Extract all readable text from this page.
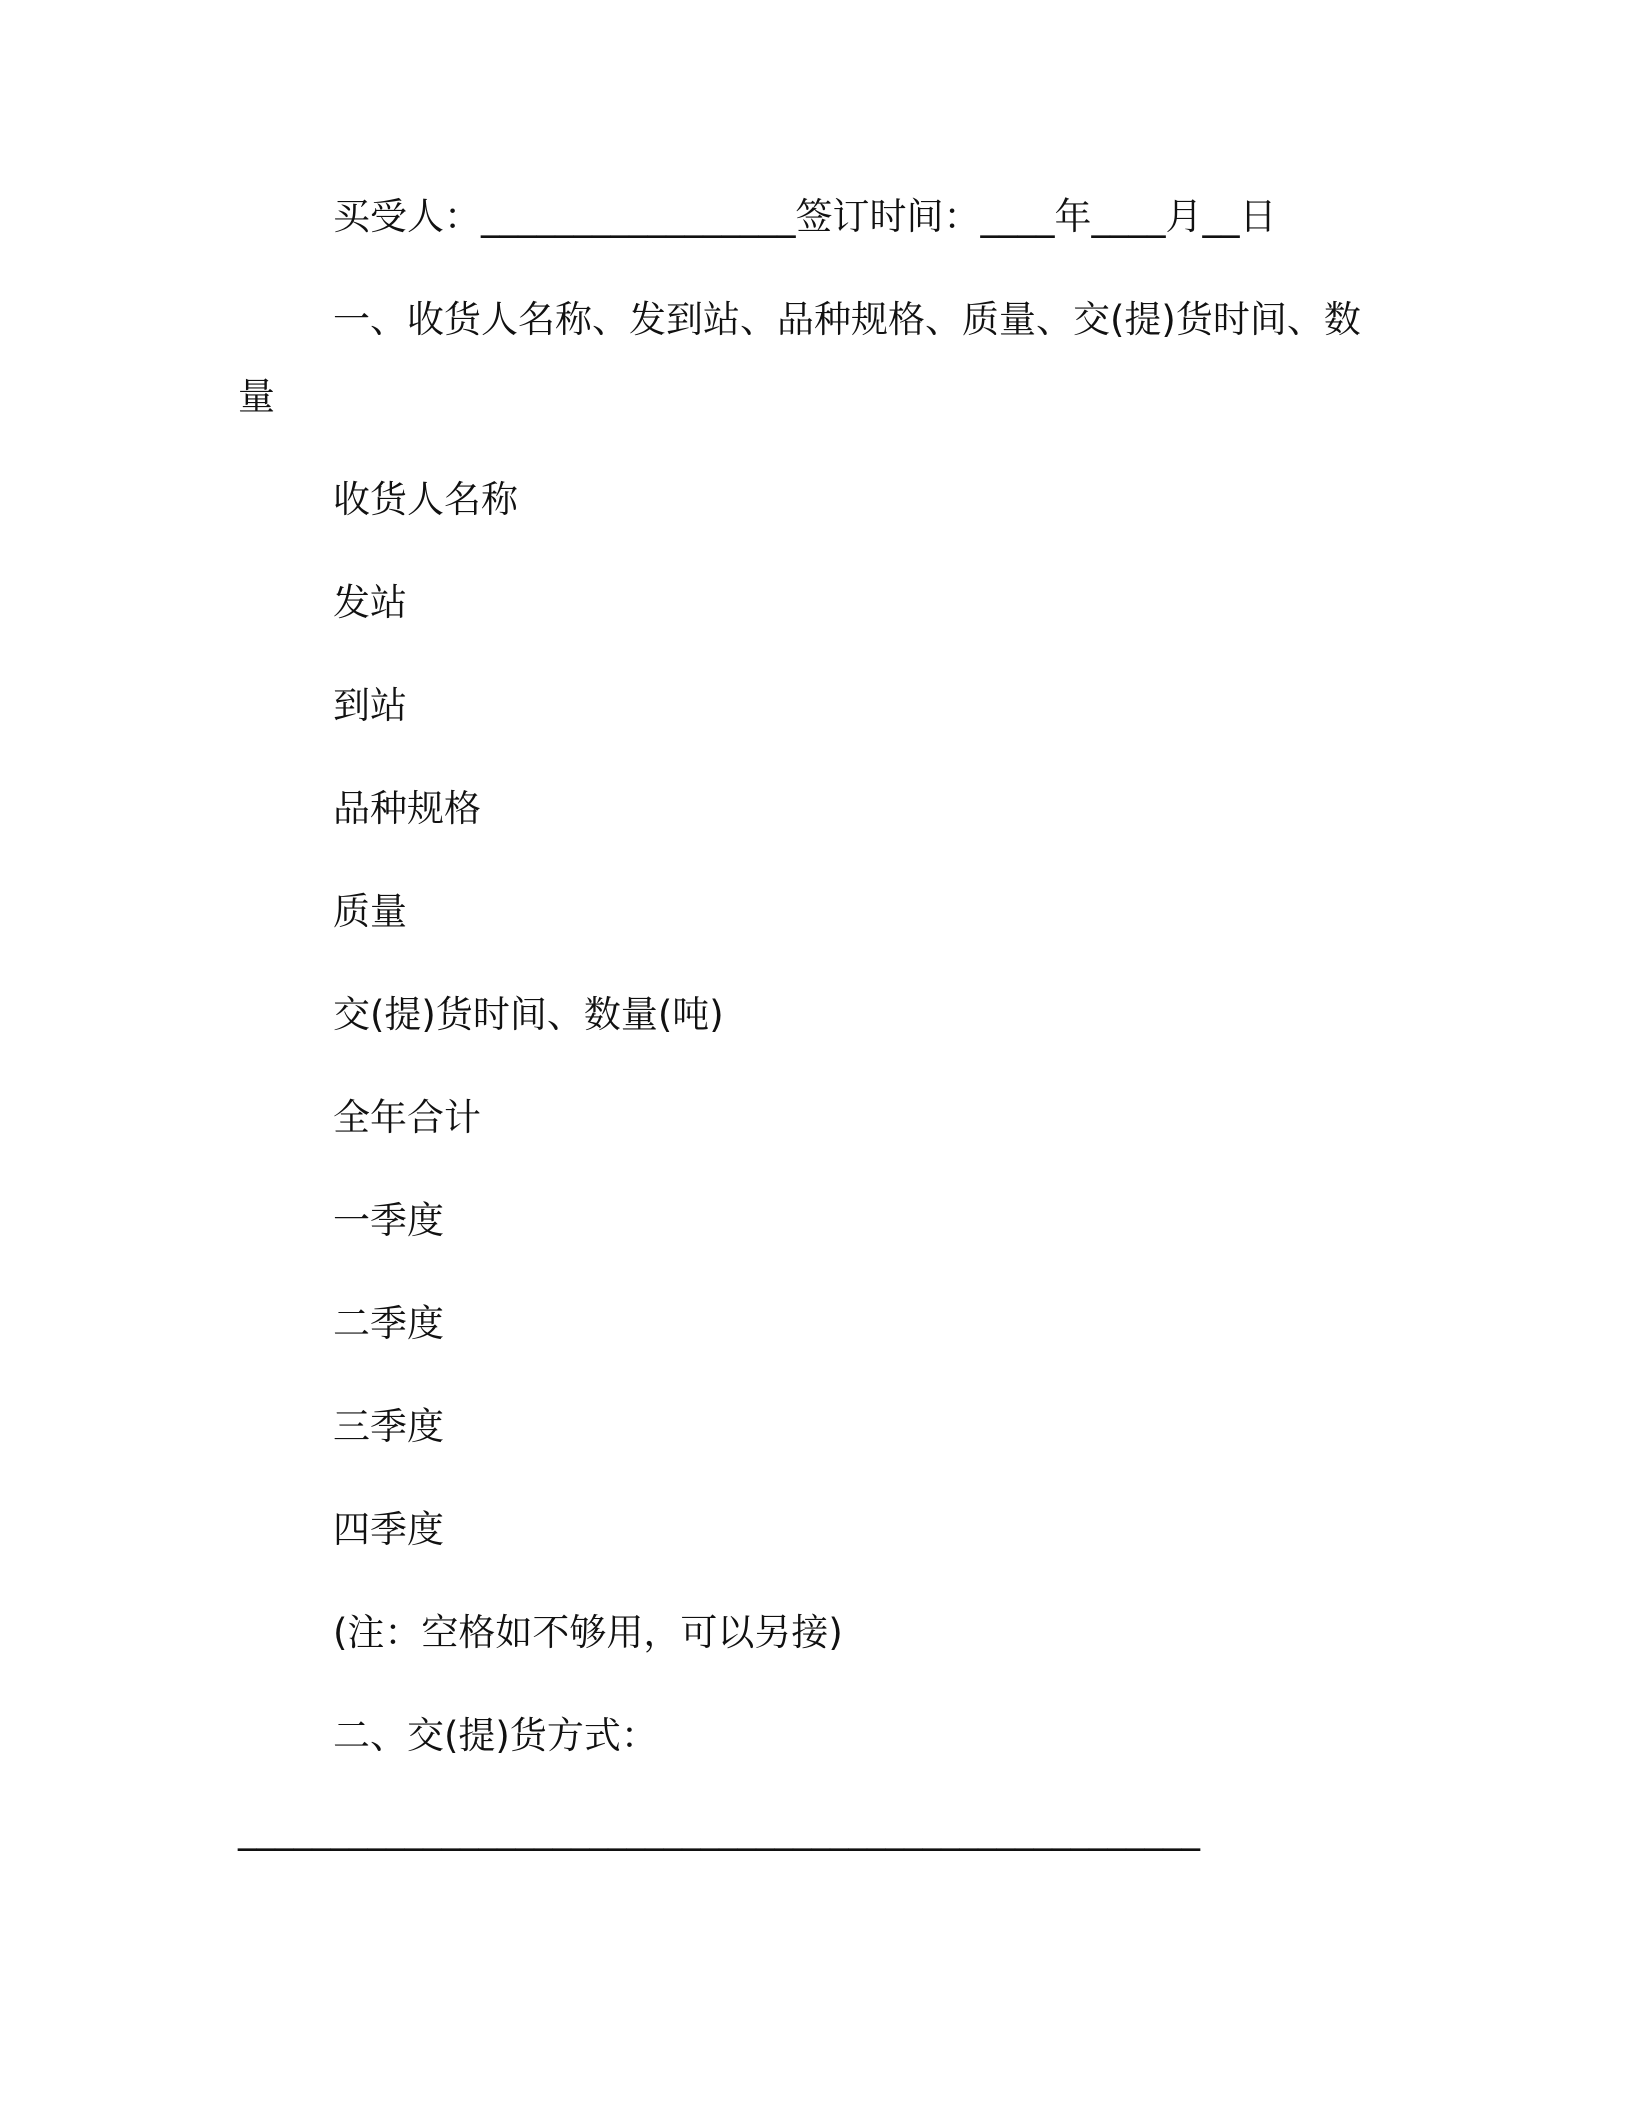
买受人：_________________签订时间：____年____月__日
一、收货人名称、发到站、品种规格、质量、交(提)货时间、数
量
收货人名称
发站
到站
品种规格
质量
交(提)货时间、数量(吨)
全年合计
一季度
二季度
三季度
四季度
(注：空格如不够用，可以另接)
二、交(提)货方式：
____________________________________________________
